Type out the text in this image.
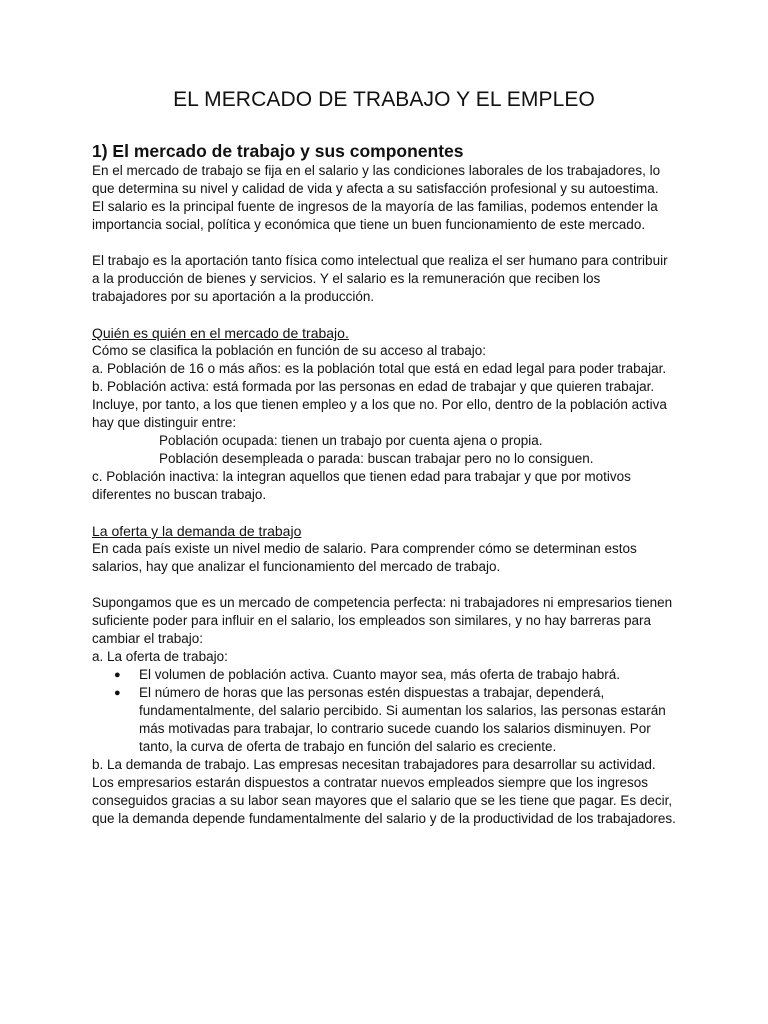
EL MERCADO DE TRABAJO Y EL EMPLEO

1) El mercado de trabajo y sus componentes

En el mercado de trabajo se fija en el salario y las condiciones laborales de los trabajadores, lo que determina su nivel y calidad de vida y afecta a su satisfacción profesional y su autoestima.

El salario es la principal fuente de ingresos de la mayoría de las familias, podemos entender la importancia social, política y económica que tiene un buen funcionamiento de este mercado.

El trabajo es la aportación tanto física como intelectual que realiza el ser humano para contribuir a la producción de bienes y servicios. Y el salario es la remuneración que reciben los trabajadores por su aportación a la producción.

Quién es quién en el mercado de trabajo.

Cómo se clasifica la población en función de su acceso al trabajo:

a. Población de 16 o más años: es la población total que está en edad legal para poder trabajar.

b. Población activa: está formada por las personas en edad de trabajar y que quieren trabajar. Incluye, por tanto, a los que tienen empleo y a los que no. Por ello, dentro de la población activa hay que distinguir entre:

Población ocupada: tienen un trabajo por cuenta ajena o propia.

Población desempleada o parada: buscan trabajar pero no lo consiguen.

c. Población inactiva: la integran aquellos que tienen edad para trabajar y que por motivos diferentes no buscan trabajo.

La oferta y la demanda de trabajo

En cada país existe un nivel medio de salario. Para comprender cómo se determinan estos salarios, hay que analizar el funcionamiento del mercado de trabajo.

Supongamos que es un mercado de competencia perfecta: ni trabajadores ni empresarios tienen suficiente poder para influir en el salario, los empleados son similares, y no hay barreras para cambiar el trabajo:

a. La oferta de trabajo:

● El volumen de población activa. Cuanto mayor sea, más oferta de trabajo habrá.
● El número de horas que las personas estén dispuestas a trabajar, dependerá, fundamentalmente, del salario percibido. Si aumentan los salarios, las personas estarán más motivadas para trabajar, lo contrario sucede cuando los salarios disminuyen. Por tanto, la curva de oferta de trabajo en función del salario es creciente.

b. La demanda de trabajo. Las empresas necesitan trabajadores para desarrollar su actividad. Los empresarios estarán dispuestos a contratar nuevos empleados siempre que los ingresos conseguidos gracias a su labor sean mayores que el salario que se les tiene que pagar. Es decir, que la demanda depende fundamentalmente del salario y de la productividad de los trabajadores.
